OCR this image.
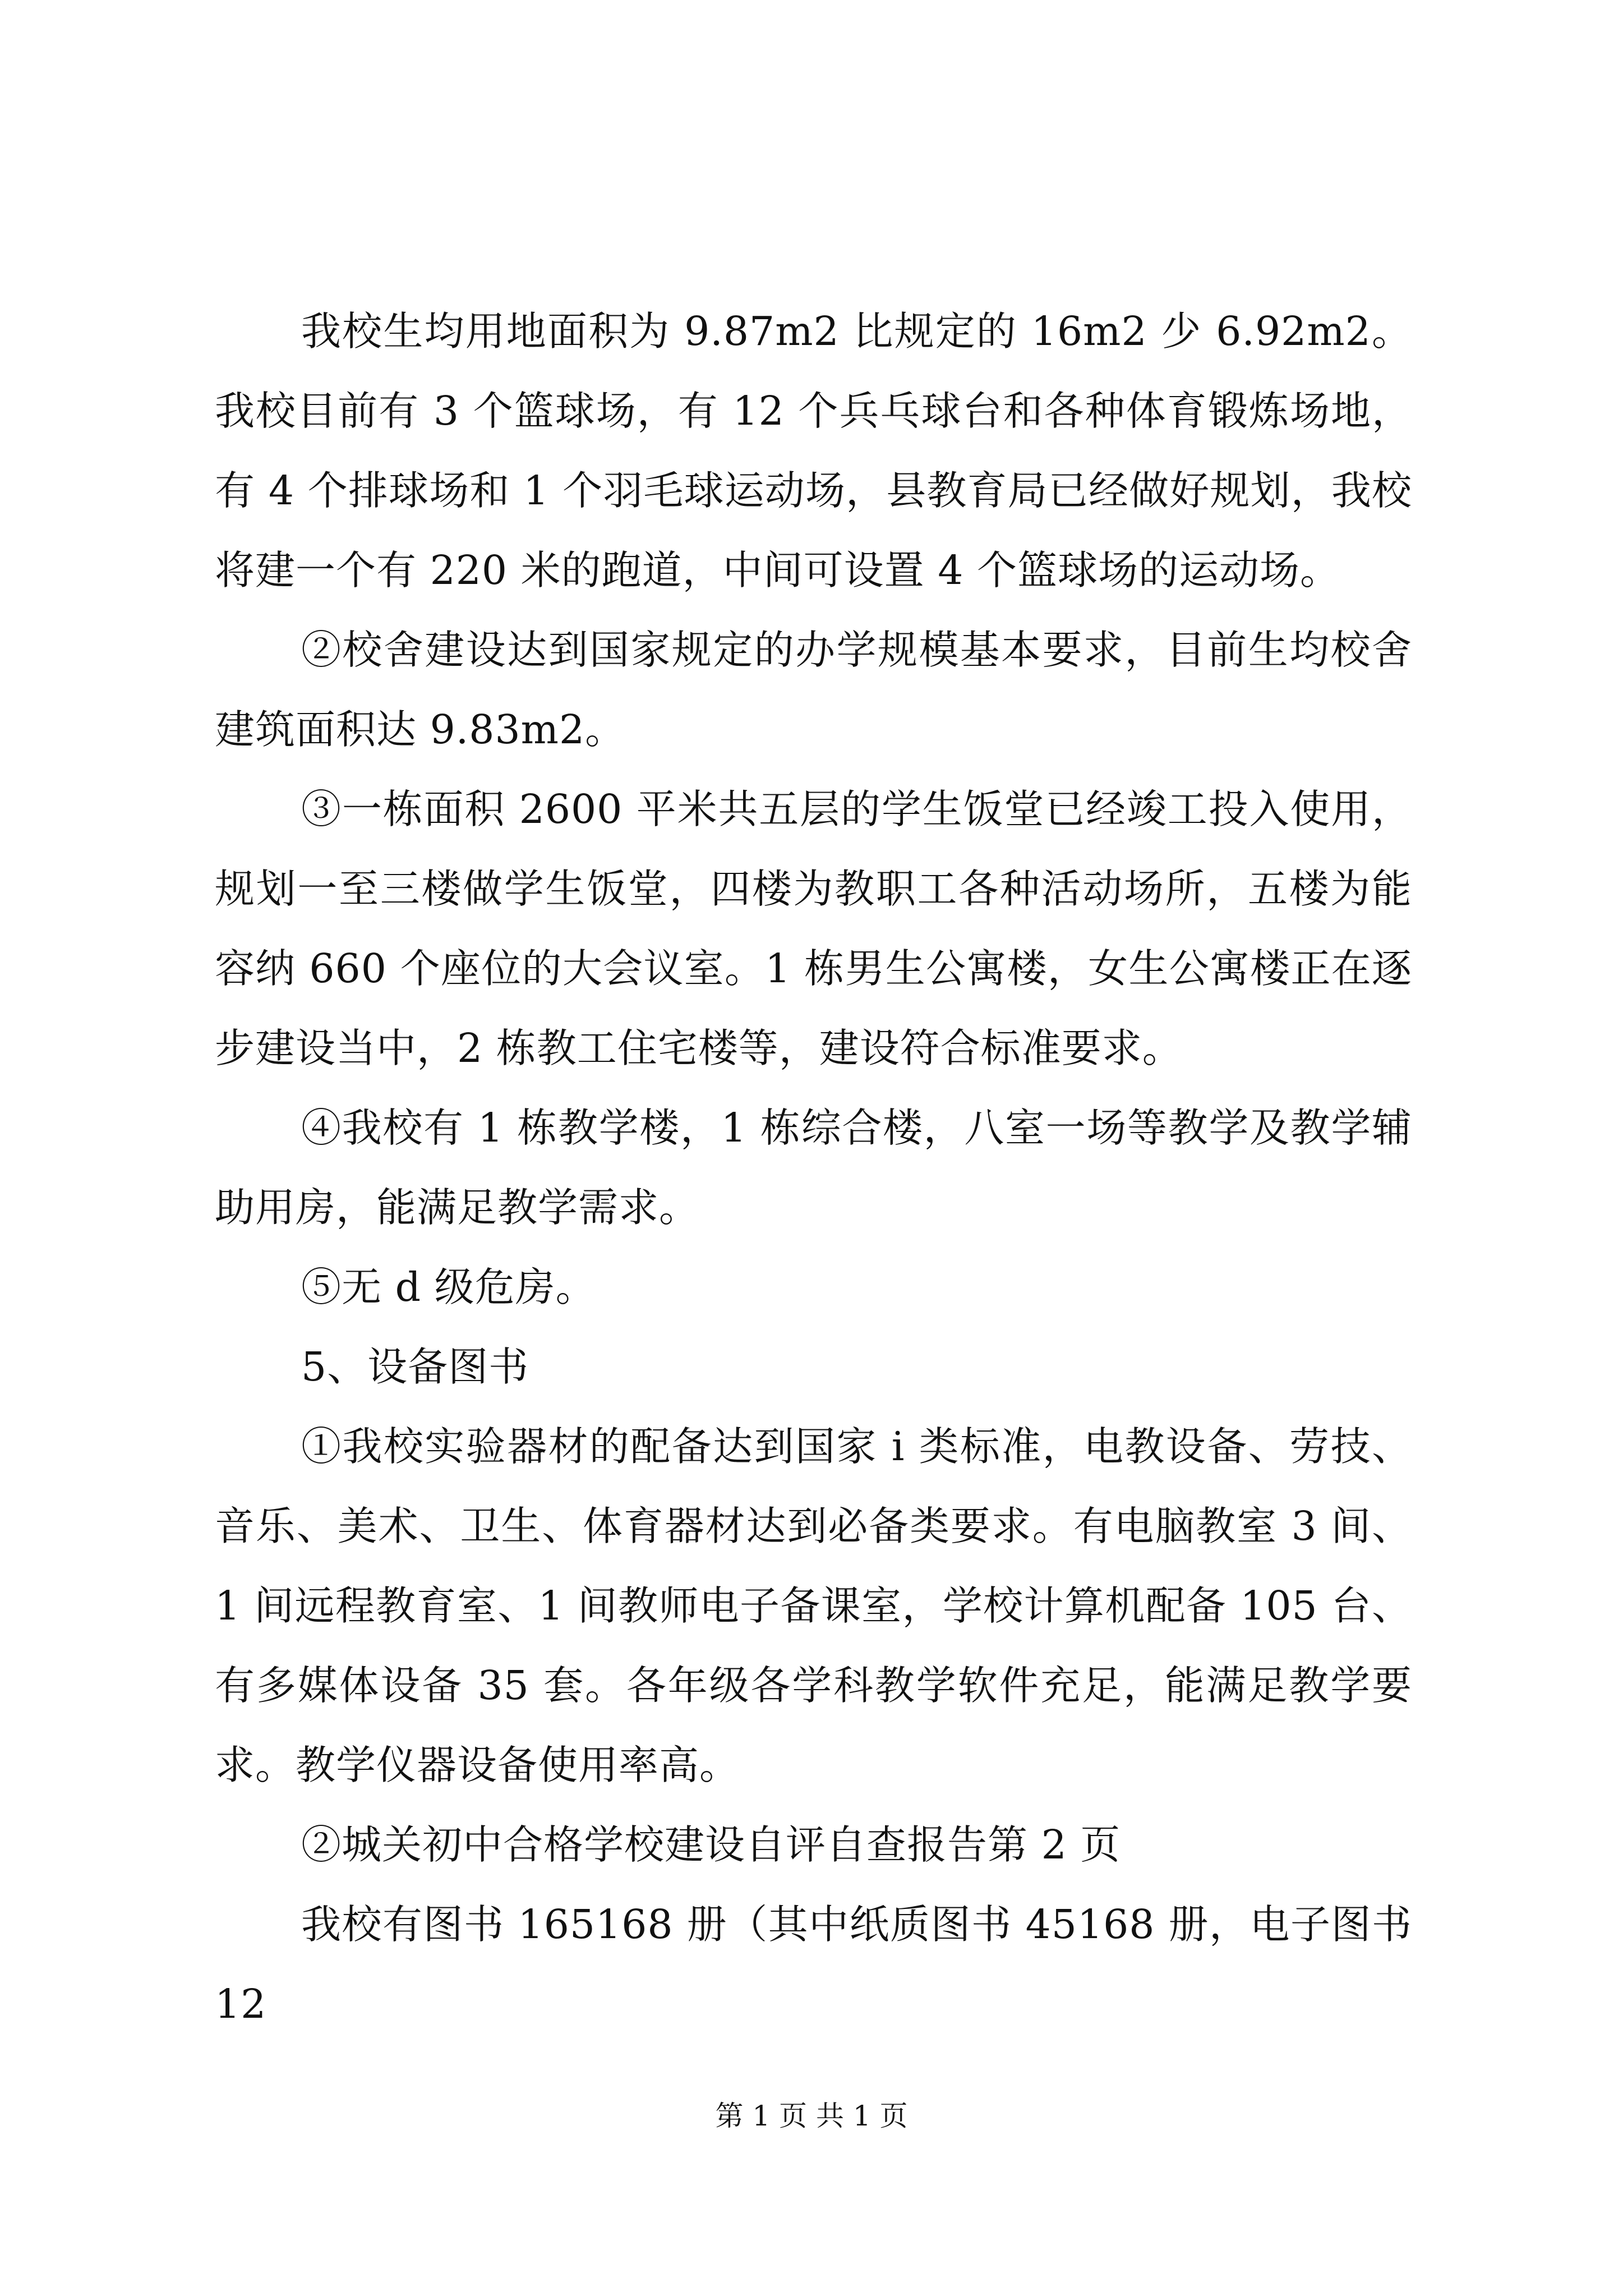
我校生均用地面积为 9.87m2 比规定的 16m2 少 6.92m2。我校目前有 3 个篮球场，有 12 个兵乓球台和各种体育锻炼场地，有 4 个排球场和 1 个羽毛球运动场，县教育局已经做好规划，我校将建一个有 220 米的跑道，中间可设置 4 个篮球场的运动场。

②校舍建设达到国家规定的办学规模基本要求，目前生均校舍建筑面积达 9.83m2。

③一栋面积 2600 平米共五层的学生饭堂已经竣工投入使用，规划一至三楼做学生饭堂，四楼为教职工各种活动场所，五楼为能容纳 660 个座位的大会议室。1 栋男生公寓楼，女生公寓楼正在逐步建设当中，2 栋教工住宅楼等，建设符合标准要求。

④我校有 1 栋教学楼，1 栋综合楼，八室一场等教学及教学辅助用房，能满足教学需求。

⑤无 d 级危房。

5、设备图书

①我校实验器材的配备达到国家 i 类标准，电教设备、劳技、音乐、美术、卫生、体育器材达到必备类要求。有电脑教室 3 间、1 间远程教育室、1 间教师电子备课室，学校计算机配备 105 台、有多媒体设备 35 套。各年级各学科教学软件充足，能满足教学要求。教学仪器设备使用率高。

②城关初中合格学校建设自评自查报告第 2 页

我校有图书 165168 册（其中纸质图书 45168 册，电子图书 12

第 1 页 共 1 页
